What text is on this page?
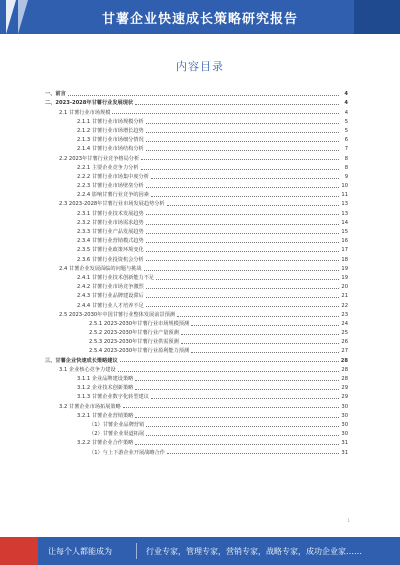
甘薯企业快速成长策略研究报告
内容目录
一、前言	4
二、2023-2028年甘薯行业发展现状	4
2.1 甘薯行业市场规模	4
2.1.1 甘薯行业市场规模分析	5
2.1.2 甘薯行业市场增长趋势	5
2.1.3 甘薯行业市场细分情况	6
2.1.4 甘薯行业市场结构分析	7
2.2 2023年甘薯行业竞争格局分析	8
2.2.1 主要企业竞争力分析	8
2.2.2 甘薯行业市场集中度分析	9
2.2.3 甘薯行业市场壁垒分析	10
2.2.4 影响甘薯行业竞争的因素	11
2.3 2023-2028年甘薯行业市场发展趋势分析	13
2.3.1 甘薯行业技术发展趋势	13
2.3.2 甘薯行业市场需求趋势	14
2.3.3 甘薯行业产品发展趋势	15
2.3.4 甘薯行业营销模式趋势	16
2.3.5 甘薯行业政策环境变化	17
2.3.6 甘薯行业投资机会分析	18
2.4 甘薯企业发展面临的问题与挑战	19
2.4.1 甘薯行业技术创新能力不足	19
2.4.2 甘薯行业市场竞争激烈	20
2.4.3 甘薯行业品牌建设滞后	21
2.4.4 甘薯行业人才培养不足	22
2.5 2023-2030年中国甘薯行业整体发展前景预测	23
2.5.1 2023-2030年甘薯行业市场规模预测	24
2.5.2 2023-2030年甘薯行业产量预测	25
2.5.3 2023-2030年甘薯行业供需预测	26
2.5.4 2023-2030年甘薯行业盈利能力预测	27
三、甘薯企业快速成长策略建议	28
3.1 企业核心竞争力建设	28
3.1.1 企业品牌建设策略	28
3.1.2 企业技术创新策略	29
3.1.3 甘薯企业数字化转型建议	29
3.2 甘薯企业市场拓展策略	30
3.2.1 甘薯企业营销策略	30
（1）甘薯企业品牌营销	30
（2）甘薯企业渠道拓展	30
3.2.2 甘薯企业合作策略	31
（1）与上下游企业开展战略合作	31
1
让每个人都能成为	行业专家，管理专家，营销专家，战略专家，成功企业家……
